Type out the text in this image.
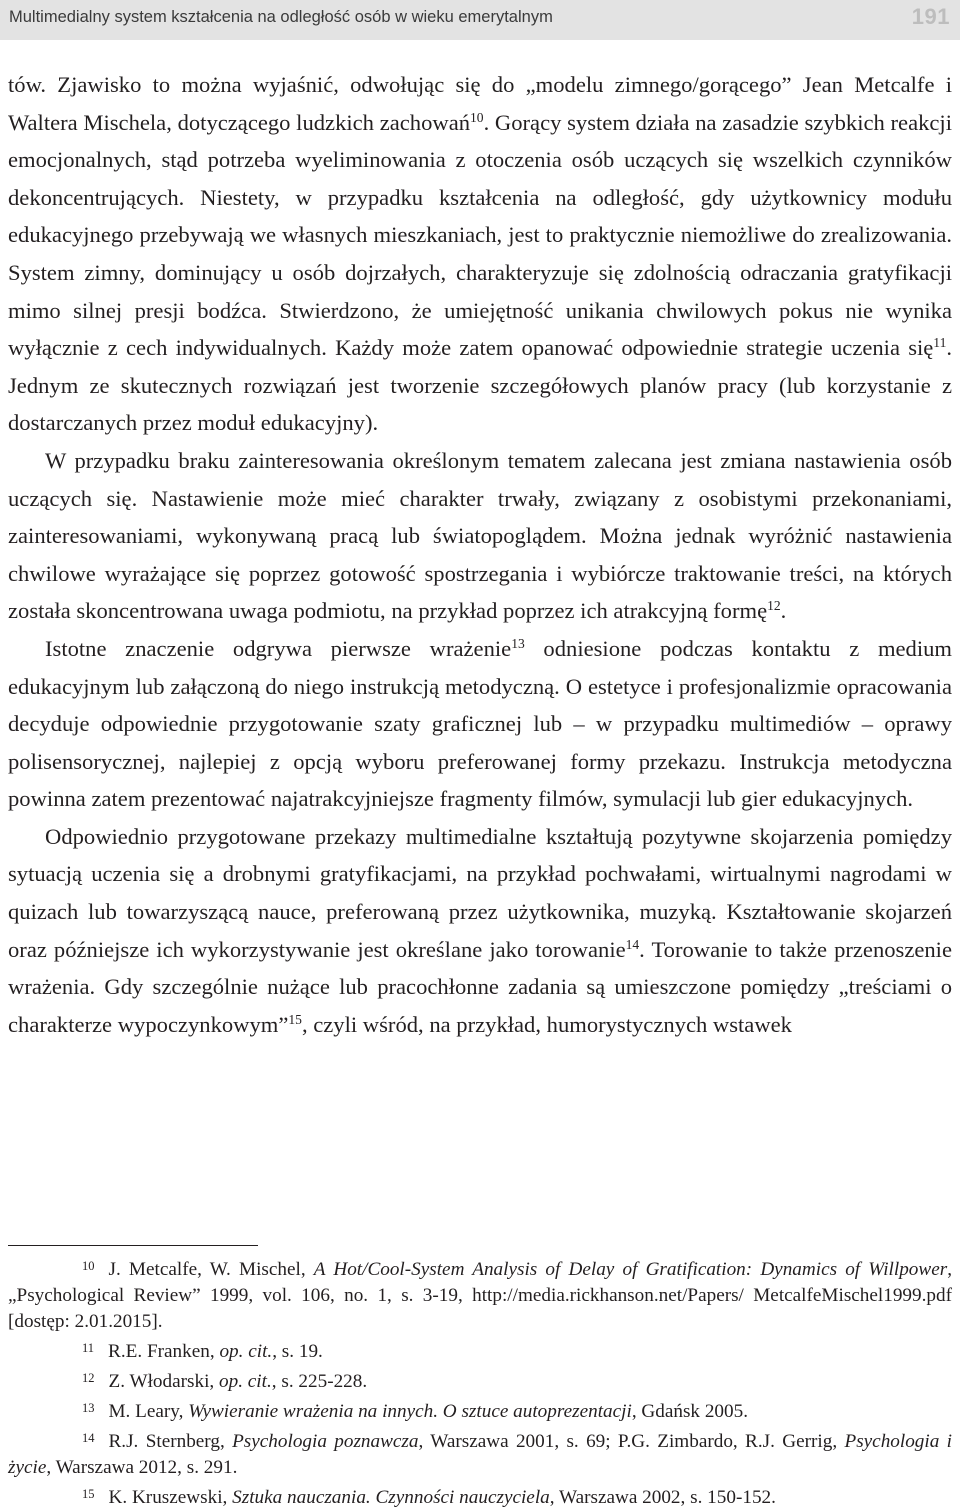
Multimedialny system kształcenia na odległość osób w wieku emerytalnym	191

tów. Zjawisko to można wyjaśnić, odwołując się do „modelu zimnego/gorącego” Jean Metcalfe i Waltera Mischela, dotyczącego ludzkich zachowań$^{10}$. Gorący system działa na zasadzie szybkich reakcji emocjonalnych, stąd potrzeba wyeliminowania z otoczenia osób uczących się wszelkich czynników dekoncentrujących. Niestety, w przypadku kształcenia na odległość, gdy użytkownicy modułu edukacyjnego przebywają we własnych mieszkaniach, jest to praktycznie niemożliwe do zrealizowania. System zimny, dominujący u osób dojrzałych, charakteryzuje się zdolnością odraczania gratyfikacji mimo silnej presji bodźca. Stwierdzono, że umiejętność unikania chwilowych pokus nie wynika wyłącznie z cech indywidualnych. Każdy może zatem opanować odpowiednie strategie uczenia się$^{11}$. Jednym ze skutecznych rozwiązań jest tworzenie szczegółowych planów pracy (lub korzystanie z dostarczanych przez moduł edukacyjny).

W przypadku braku zainteresowania określonym tematem zalecana jest zmiana nastawienia osób uczących się. Nastawienie może mieć charakter trwały, związany z osobistymi przekonaniami, zainteresowaniami, wykonywaną pracą lub światopoglądem. Można jednak wyróżnić nastawienia chwilowe wyrażające się poprzez gotowość spostrzegania i wybiórcze traktowanie treści, na których została skoncentrowana uwaga podmiotu, na przykład poprzez ich atrakcyjną formę$^{12}$.

Istotne znaczenie odgrywa pierwsze wrażenie$^{13}$ odniesione podczas kontaktu z medium edukacyjnym lub załączoną do niego instrukcją metodyczną. O estetyce i profesjonalizmie opracowania decyduje odpowiednie przygotowanie szaty graficznej lub – w przypadku multimediów – oprawy polisensorycznej, najlepiej z opcją wyboru preferowanej formy przekazu. Instrukcja metodyczna powinna zatem prezentować najatrakcyjniejsze fragmenty filmów, symulacji lub gier edukacyjnych.

Odpowiednio przygotowane przekazy multimedialne kształtują pozytywne skojarzenia pomiędzy sytuacją uczenia się a drobnymi gratyfikacjami, na przykład pochwałami, wirtualnymi nagrodami w quizach lub towarzyszącą nauce, preferowaną przez użytkownika, muzyką. Kształtowanie skojarzeń oraz późniejsze ich wykorzystywanie jest określane jako torowanie$^{14}$. Torowanie to także przenoszenie wrażenia. Gdy szczególnie nużące lub pracochłonne zadania są umieszczone pomiędzy „treściami o charakterze wypoczynkowym”$^{15}$, czyli wśród, na przykład, humorystycznych wstawek

10 J. Metcalfe, W. Mischel, A Hot/Cool-System Analysis of Delay of Gratification: Dynamics of Willpower, „Psychological Review” 1999, vol. 106, no. 1, s. 3-19, http://media.rickhanson.net/Papers/ MetcalfeMischel1999.pdf [dostęp: 2.01.2015].

11 R.E. Franken, op. cit., s. 19.

12 Z. Włodarski, op. cit., s. 225-228.

13 M. Leary, Wywieranie wrażenia na innych. O sztuce autoprezentacji, Gdańsk 2005.

14 R.J. Sternberg, Psychologia poznawcza, Warszawa 2001, s. 69; P.G. Zimbardo, R.J. Gerrig, Psychologia i życie, Warszawa 2012, s. 291.

15 K. Kruszewski, Sztuka nauczania. Czynności nauczyciela, Warszawa 2002, s. 150-152.
